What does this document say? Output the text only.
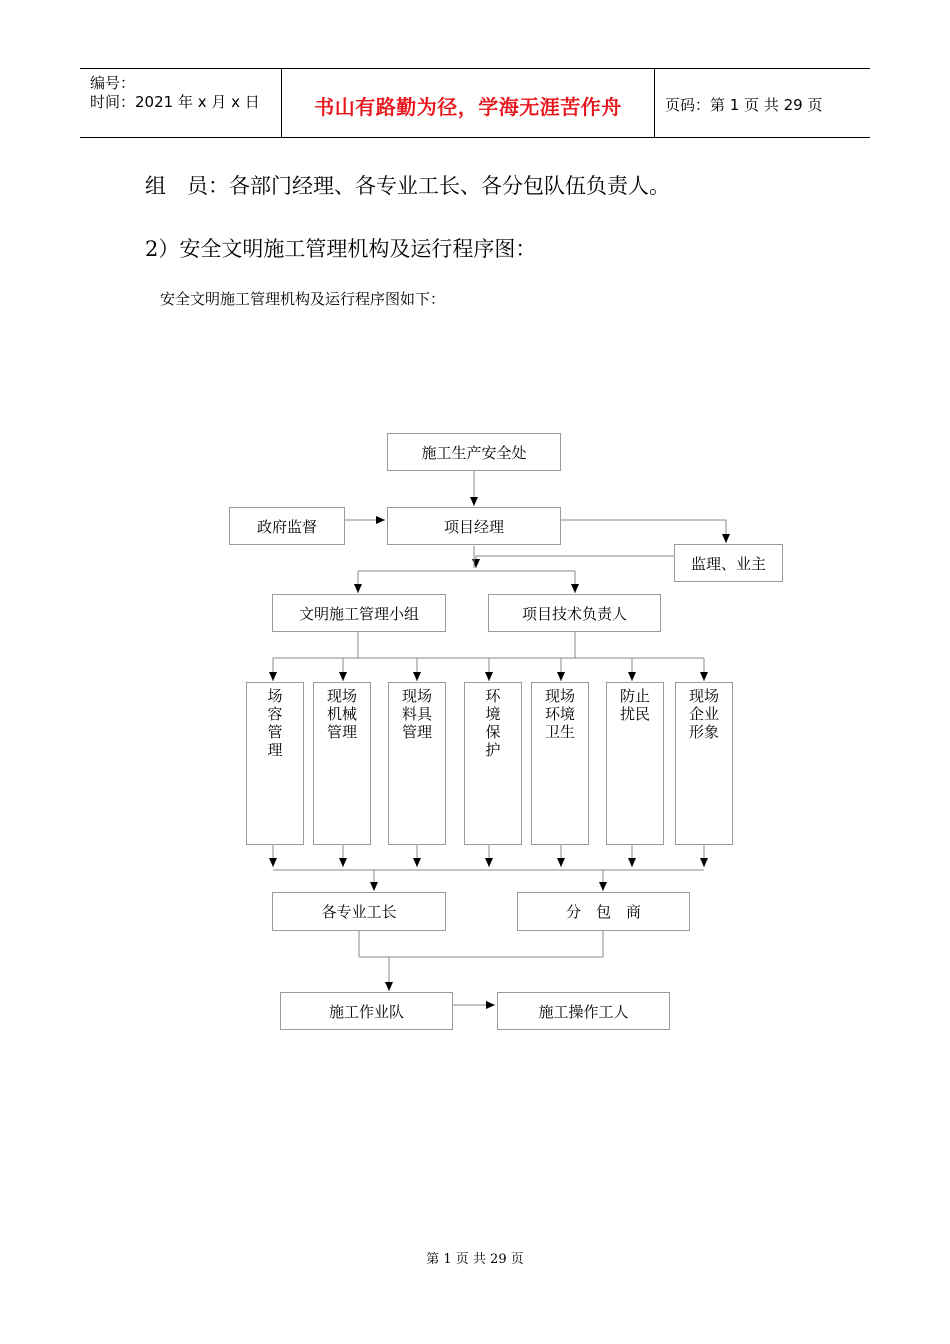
编号：
时间：2021 年 x 月 x 日	书山有路勤为径，学海无涯苦作舟	页码：第 1 页 共 29 页
组　员：各部门经理、各专业工长、各分包队伍负责人。
2）安全文明施工管理机构及运行程序图：
安全文明施工管理机构及运行程序图如下：
施工生产安全处
政府监督	项目经理
监理、业主
文明施工管理小组	项目技术负责人
场
容
管
理
现场
机械
管理
现场
料具
管理
环
境
保
护
现场
环境
卫生
防止
扰民
现场
企业
形象
各专业工长	分　包　商
施工作业队	施工操作工人
第 1 页 共 29 页
